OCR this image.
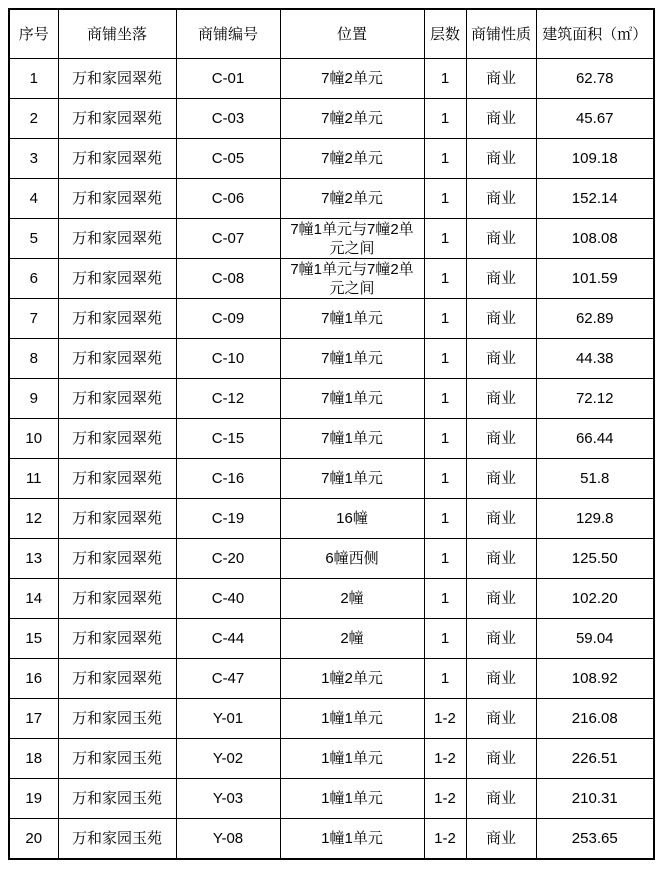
序号	商铺坐落	商铺编号	位置	层数	商铺性质	建筑面积（㎡）
1	万和家园翠苑	C-01	7幢2单元	1	商业	62.78
2	万和家园翠苑	C-03	7幢2单元	1	商业	45.67
3	万和家园翠苑	C-05	7幢2单元	1	商业	109.18
4	万和家园翠苑	C-06	7幢2单元	1	商业	152.14
5	万和家园翠苑	C-07	7幢1单元与7幢2单元之间	1	商业	108.08
6	万和家园翠苑	C-08	7幢1单元与7幢2单元之间	1	商业	101.59
7	万和家园翠苑	C-09	7幢1单元	1	商业	62.89
8	万和家园翠苑	C-10	7幢1单元	1	商业	44.38
9	万和家园翠苑	C-12	7幢1单元	1	商业	72.12
10	万和家园翠苑	C-15	7幢1单元	1	商业	66.44
11	万和家园翠苑	C-16	7幢1单元	1	商业	51.8
12	万和家园翠苑	C-19	16幢	1	商业	129.8
13	万和家园翠苑	C-20	6幢西侧	1	商业	125.50
14	万和家园翠苑	C-40	2幢	1	商业	102.20
15	万和家园翠苑	C-44	2幢	1	商业	59.04
16	万和家园翠苑	C-47	1幢2单元	1	商业	108.92
17	万和家园玉苑	Y-01	1幢1单元	1-2	商业	216.08
18	万和家园玉苑	Y-02	1幢1单元	1-2	商业	226.51
19	万和家园玉苑	Y-03	1幢1单元	1-2	商业	210.31
20	万和家园玉苑	Y-08	1幢1单元	1-2	商业	253.65
